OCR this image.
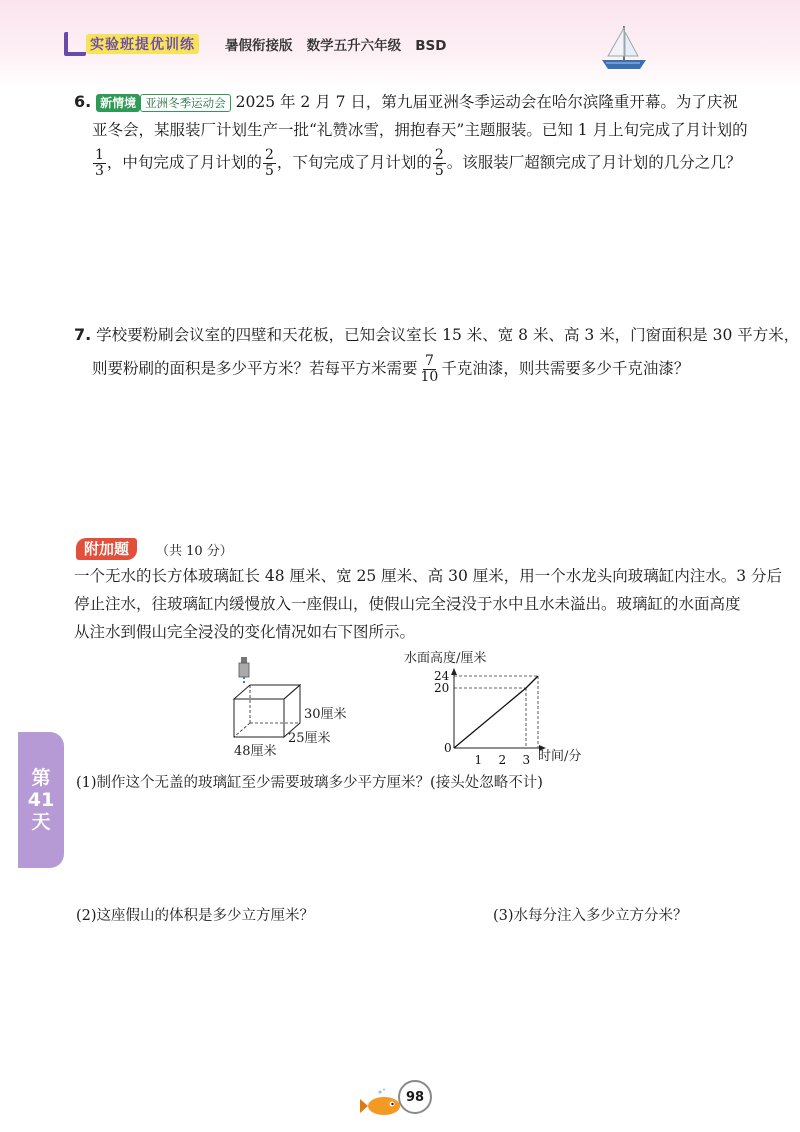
实验班提优训练 暑假衔接版   数学五升六年级   BSD
6. 新情境 亚洲冬季运动会 2025 年 2 月 7 日，第九届亚洲冬季运动会在哈尔滨隆重开幕。为了庆祝
亚冬会，某服装厂计划生产一批“礼赞冰雪，拥抱春天”主题服装。已知 1 月上旬完成了月计划的
$\frac{1}{3}$ ，中旬完成了月计划的 $\frac{2}{5}$ ，下旬完成了月计划的 $\frac{2}{5}$ 。该服装厂超额完成了月计划的几分之几？
7. 学校要粉刷会议室的四壁和天花板，已知会议室长 15 米、宽 8 米、高 3 米，门窗面积是 30 平方米，
则要粉刷的面积是多少平方米？若每平方米需要 $\frac{7}{10}$ 千克油漆，则共需要多少千克油漆？
附加题	（共 10 分）
一个无水的长方体玻璃缸长 48 厘米、宽 25 厘米、高 30 厘米，用一个水龙头向玻璃缸内注水。3 分后
停止注水，往玻璃缸内缓慢放入一座假山，使假山完全浸没于水中且水未溢出。玻璃缸的水面高度
从注水到假山完全浸没的变化情况如右下图所示。
30厘米
25厘米
48厘米
水面高度/厘米
0
1 2 3
20
24
时间/分
第
41
天
(1)制作这个无盖的玻璃缸至少需要玻璃多少平方厘米？(接头处忽略不计)
(2)这座假山的体积是多少立方厘米？	(3)水每分注入多少立方分米？
98
